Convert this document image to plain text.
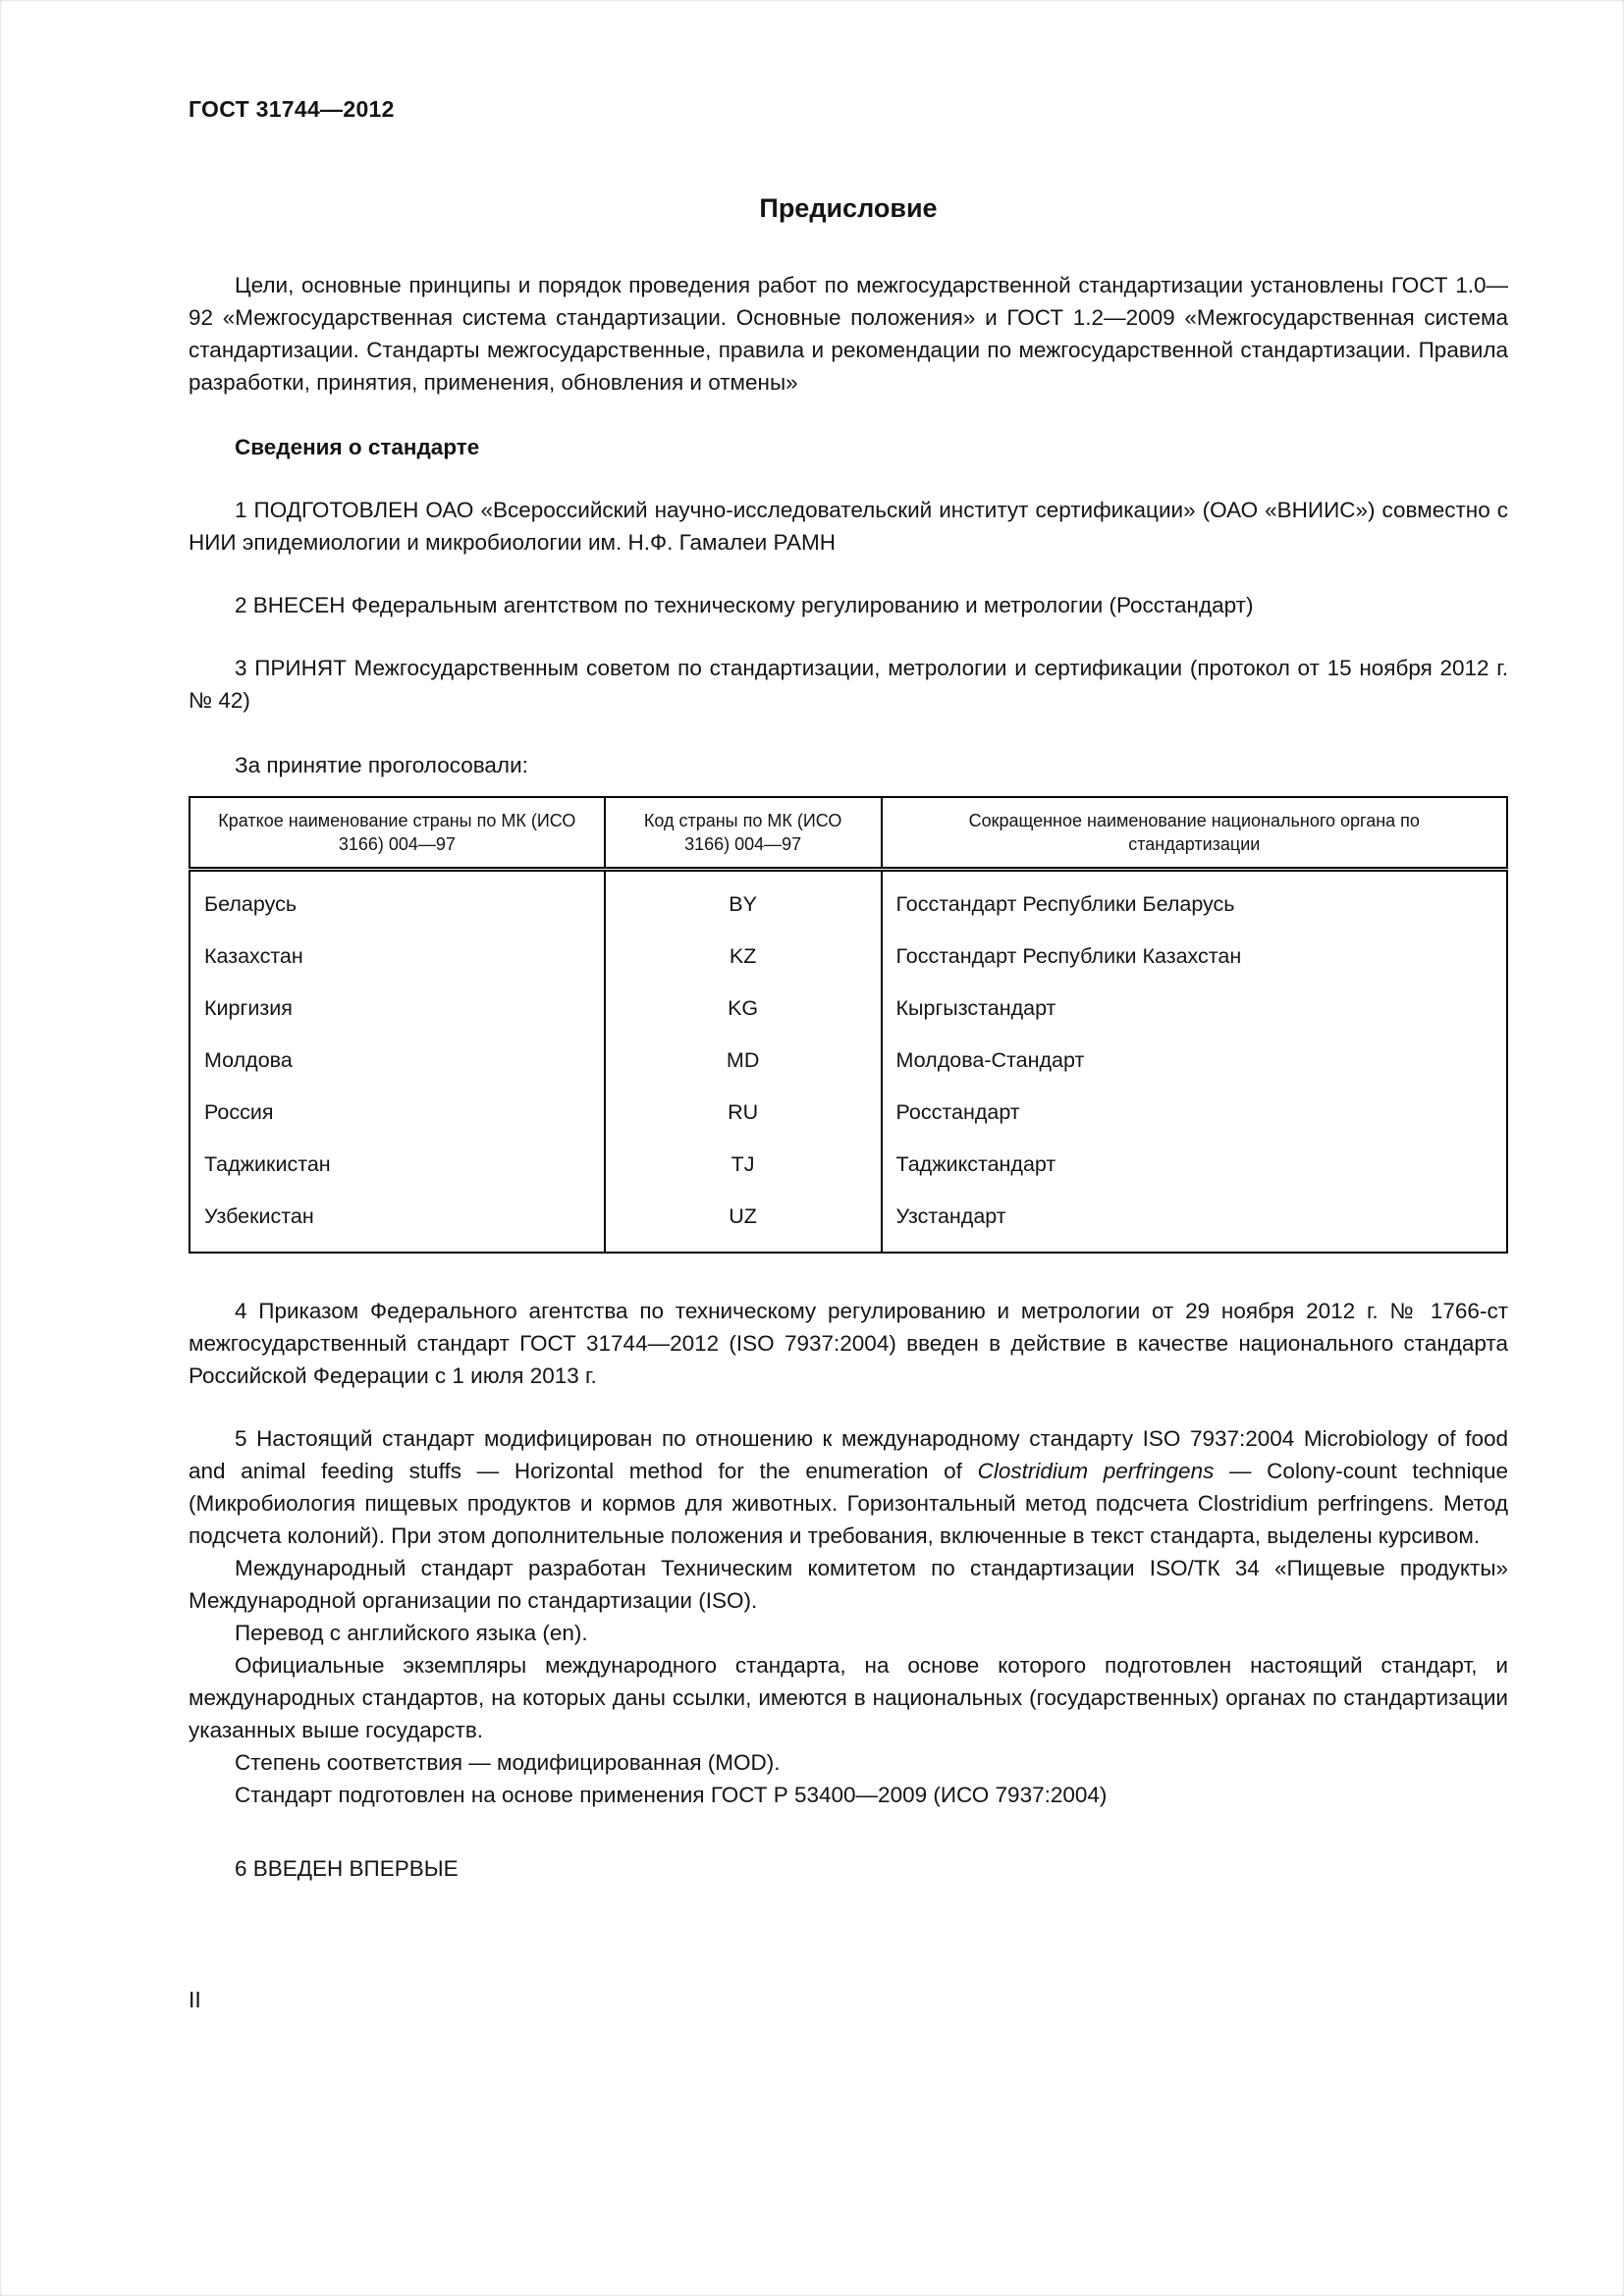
ГОСТ 31744—2012
Предисловие

Цели, основные принципы и порядок проведения работ по межгосударственной стандартизации установлены ГОСТ 1.0—92 «Межгосударственная система стандартизации. Основные положения» и ГОСТ 1.2—2009 «Межгосударственная система стандартизации. Стандарты межгосударственные, правила и рекомендации по межгосударственной стандартизации. Правила разработки, принятия, применения, обновления и отмены»

Сведения о стандарте

1 ПОДГОТОВЛЕН ОАО «Всероссийский научно-исследовательский институт сертификации» (ОАО «ВНИИС») совместно с НИИ эпидемиологии и микробиологии им. Н.Ф. Гамалеи РАМН

2 ВНЕСЕН Федеральным агентством по техническому регулированию и метрологии (Росстандарт)

3 ПРИНЯТ Межгосударственным советом по стандартизации, метрологии и сертификации (протокол от 15 ноября 2012 г. № 42)

За принятие проголосовали:

Краткое наименование страны по МК (ИСО 3166) 004—97	Код страны по МК (ИСО 3166) 004—97	Сокращенное наименование национального органа по стандартизации
Беларусь	BY	Госстандарт Республики Беларусь
Казахстан	KZ	Госстандарт Республики Казахстан
Киргизия	KG	Кыргызстандарт
Молдова	MD	Молдова-Стандарт
Россия	RU	Росстандарт
Таджикистан	TJ	Таджикстандарт
Узбекистан	UZ	Узстандарт

4 Приказом Федерального агентства по техническому регулированию и метрологии от 29 ноября 2012 г. № 1766-ст межгосударственный стандарт ГОСТ 31744—2012 (ISO 7937:2004) введен в действие в качестве национального стандарта Российской Федерации с 1 июля 2013 г.

5 Настоящий стандарт модифицирован по отношению к международному стандарту ISO 7937:2004 Microbiology of food and animal feeding stuffs — Horizontal method for the enumeration of Clostridium perfringens — Colony-count technique (Микробиология пищевых продуктов и кормов для животных. Горизонтальный метод подсчета Clostridium perfringens. Метод подсчета колоний). При этом дополнительные положения и требования, включенные в текст стандарта, выделены курсивом.

Международный стандарт разработан Техническим комитетом по стандартизации ISO/ТК 34 «Пищевые продукты» Международной организации по стандартизации (ISO).

Перевод с английского языка (en).

Официальные экземпляры международного стандарта, на основе которого подготовлен настоящий стандарт, и международных стандартов, на которых даны ссылки, имеются в национальных (государственных) органах по стандартизации указанных выше государств.

Степень соответствия — модифицированная (MOD).

Стандарт подготовлен на основе применения ГОСТ Р 53400—2009 (ИСО 7937:2004)

6 ВВЕДЕН ВПЕРВЫЕ

II
